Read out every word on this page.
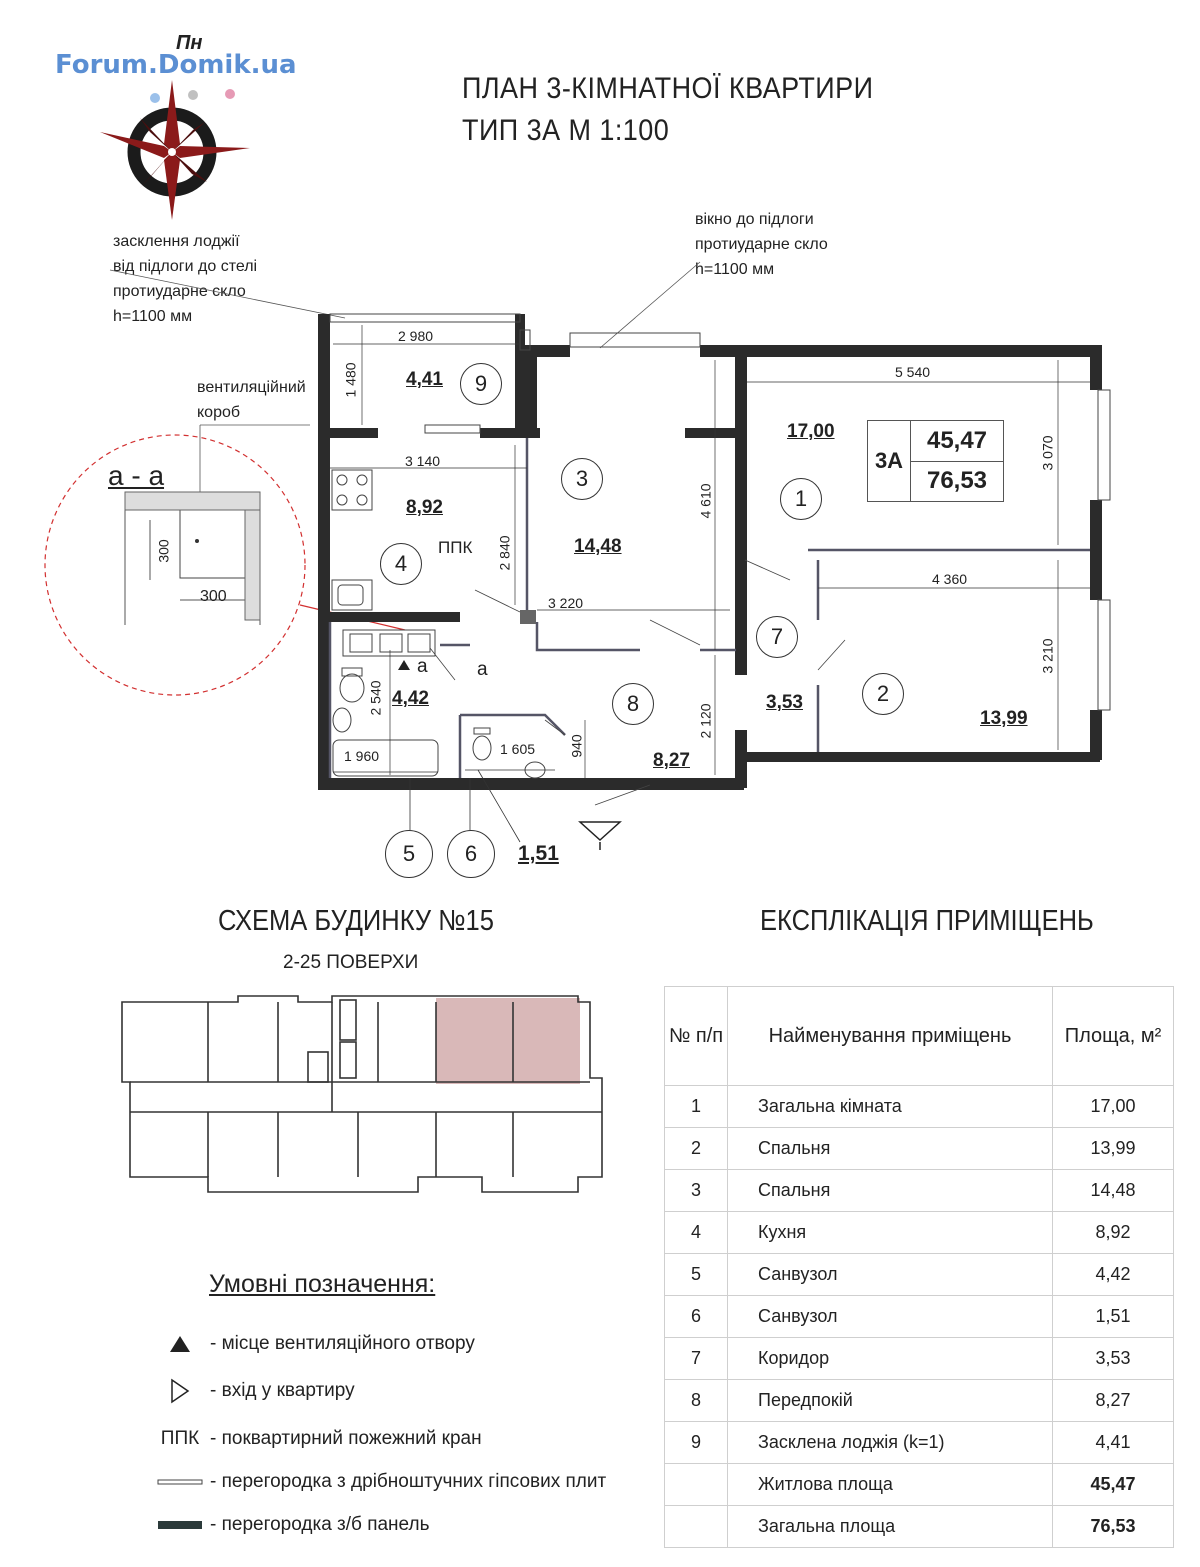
Forum.Domik.ua
Пн
ПЛАН 3-КІМНАТНОЇ КВАРТИРИ
ТИП 3А М 1:100
засклення лоджії
від підлоги до стелі
протиударне скло
h=1100 мм
вікно до підлоги
протиударне скло
h=1100 мм
вентиляційний
короб
а - а
300
300
2 980
1 480
3 140
2 840
4 610
5 540
3 070
4 360
3 210
3 220
2 120
2 540
1 960	1 605 940
ППК
а	а
9
4,41
3
14,48
4
8,92
4,42
1
17,00
7
3,53	2
13,99
8
8,27
5	6	1,51
3А
45,47
76,53
СХЕМА БУДИНКУ №15
2-25 ПОВЕРХИ
ЕКСПЛІКАЦІЯ ПРИМІЩЕНЬ
№ п/п	Найменування приміщень	Площа, м²
1	Загальна кімната	17,00
2	Спальня	13,99
3	Спальня	14,48
4	Кухня	8,92
5	Санвузол	4,42
6	Санвузол	1,51
7	Коридор	3,53
8	Передпокій	8,27
9	Засклена лоджія (k=1)	4,41
	Житлова площа	45,47
	Загальна площа	76,53
Умовні позначення:
- місце вентиляційного отвору
- вхід у квартиру
ППК - поквартирний пожежний кран
- перегородка з дрібноштучних гіпсових плит
- перегородка з/б панель
